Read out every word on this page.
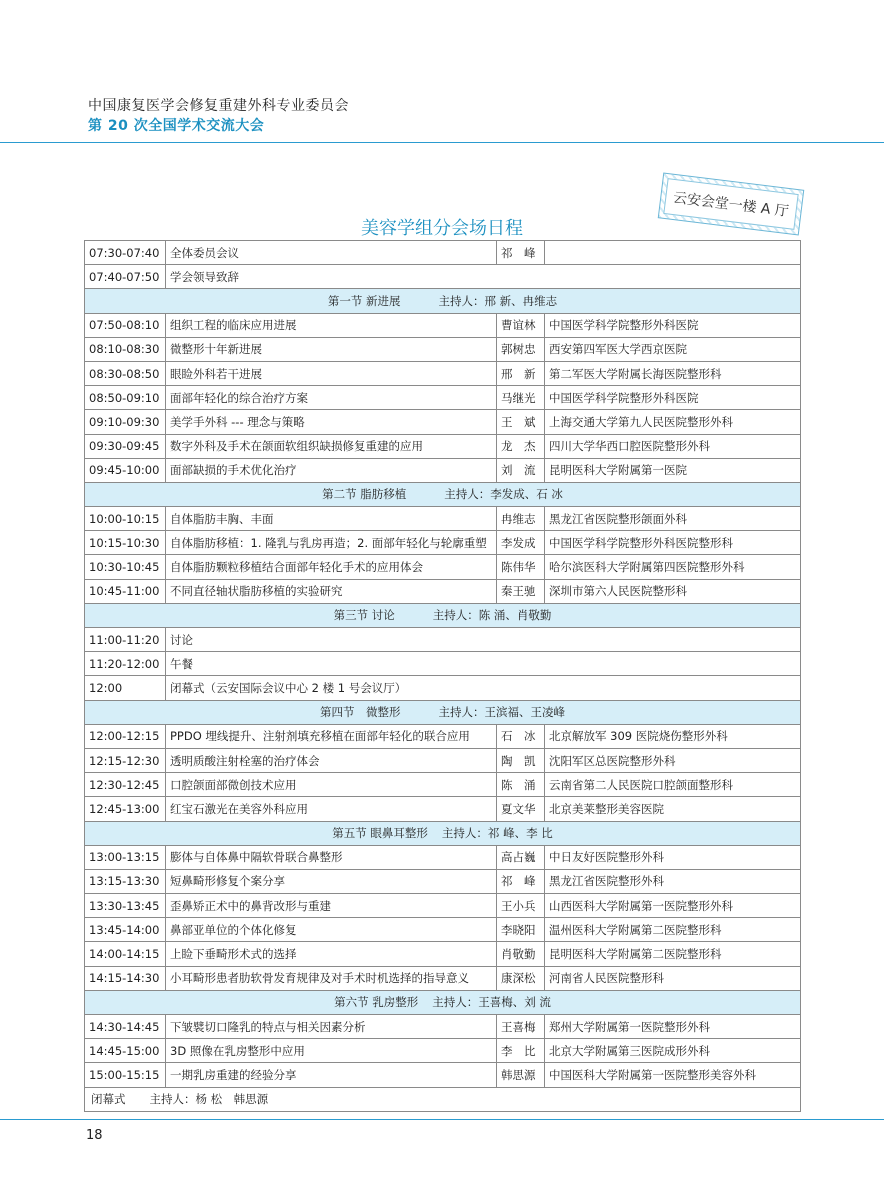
中国康复医学会修复重建外科专业委员会
第 20 次全国学术交流大会
云安会堂一楼 A 厅
美容学组分会场日程
07:30-07:40	全体委员会议	祁　峰	
07:40-07:50	学会领导致辞		
第一节 新进展 主持人：邢 新、冉维志			
07:50-08:10	组织工程的临床应用进展	曹谊林	中国医学科学院整形外科医院
08:10-08:30	微整形十年新进展	郭树忠	西安第四军医大学西京医院
08:30-08:50	眼睑外科若干进展	邢　新	第二军医大学附属长海医院整形科
08:50-09:10	面部年轻化的综合治疗方案	马继光	中国医学科学院整形外科医院
09:10-09:30	美学手外科 --- 理念与策略	王　斌	上海交通大学第九人民医院整形外科
09:30-09:45	数字外科及手术在颌面软组织缺损修复重建的应用	龙　杰	四川大学华西口腔医院整形外科
09:45-10:00	面部缺损的手术优化治疗	刘　流	昆明医科大学附属第一医院
第二节 脂肪移植 主持人：李发成、石 冰			
10:00-10:15	自体脂肪丰胸、丰面	冉维志	黑龙江省医院整形颌面外科
10:15-10:30	自体脂肪移植：1. 隆乳与乳房再造；2. 面部年轻化与轮廓重塑	李发成	中国医学科学院整形外科医院整形科
10:30-10:45	自体脂肪颗粒移植结合面部年轻化手术的应用体会	陈伟华	哈尔滨医科大学附属第四医院整形外科
10:45-11:00	不同直径轴状脂肪移植的实验研究	秦王驰	深圳市第六人民医院整形科
第三节 讨论 主持人：陈 涌、肖敬勤			
11:00-11:20	讨论		
11:20-12:00	午餐		
12:00	闭幕式（云安国际会议中心 2 楼 1 号会议厅）		
第四节　微整形 主持人：王滨福、王凌峰			
12:00-12:15	PPDO 埋线提升、注射剂填充移植在面部年轻化的联合应用	石　冰	北京解放军 309 医院烧伤整形外科
12:15-12:30	透明质酸注射栓塞的治疗体会	陶　凯	沈阳军区总医院整形外科
12:30-12:45	口腔颌面部微创技术应用	陈　涌	云南省第二人民医院口腔颌面整形科
12:45-13:00	红宝石激光在美容外科应用	夏文华	北京美莱整形美容医院
第五节 眼鼻耳整形 主持人：祁 峰、李 比			
13:00-13:15	膨体与自体鼻中隔软骨联合鼻整形	高占巍	中日友好医院整形外科
13:15-13:30	短鼻畸形修复个案分享	祁　峰	黑龙江省医院整形外科
13:30-13:45	歪鼻矫正术中的鼻背改形与重建	王小兵	山西医科大学附属第一医院整形外科
13:45-14:00	鼻部亚单位的个体化修复	李晓阳	温州医科大学附属第二医院整形科
14:00-14:15	上睑下垂畸形术式的选择	肖敬勤	昆明医科大学附属第二医院整形科
14:15-14:30	小耳畸形患者肋软骨发育规律及对手术时机选择的指导意义	康深松	河南省人民医院整形科
第六节 乳房整形 主持人：王喜梅、刘 流			
14:30-14:45	下皱襞切口隆乳的特点与相关因素分析	王喜梅	郑州大学附属第一医院整形外科
14:45-15:00	3D 照像在乳房整形中应用	李　比	北京大学附属第三医院成形外科
15:00-15:15	一期乳房重建的经验分享	韩思源	中国医科大学附属第一医院整形美容外科
闭幕式 主持人：杨 松　韩思源			
18
